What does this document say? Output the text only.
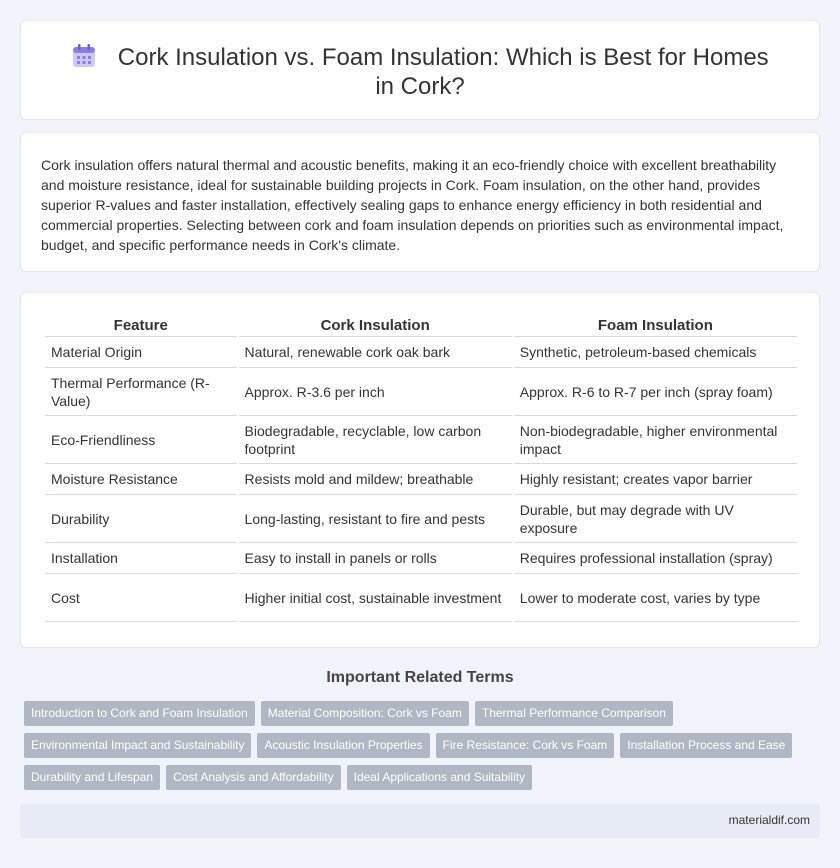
Cork Insulation vs. Foam Insulation: Which is Best for Homes in Cork?

Cork insulation offers natural thermal and acoustic benefits, making it an eco-friendly choice with excellent breathability and moisture resistance, ideal for sustainable building projects in Cork. Foam insulation, on the other hand, provides superior R-values and faster installation, effectively sealing gaps to enhance energy efficiency in both residential and commercial properties. Selecting between cork and foam insulation depends on priorities such as environmental impact, budget, and specific performance needs in Cork's climate.

Feature	Cork Insulation	Foam Insulation
Material Origin	Natural, renewable cork oak bark	Synthetic, petroleum-based chemicals
Thermal Performance (R-Value)	Approx. R-3.6 per inch	Approx. R-6 to R-7 per inch (spray foam)
Eco-Friendliness	Biodegradable, recyclable, low carbon footprint	Non-biodegradable, higher environmental impact
Moisture Resistance	Resists mold and mildew; breathable	Highly resistant; creates vapor barrier
Durability	Long-lasting, resistant to fire and pests	Durable, but may degrade with UV exposure
Installation	Easy to install in panels or rolls	Requires professional installation (spray)
Cost	Higher initial cost, sustainable investment	Lower to moderate cost, varies by type
Important Related Terms
Introduction to Cork and Foam Insulation Material Composition: Cork vs Foam Thermal Performance Comparison
Environmental Impact and Sustainability Acoustic Insulation Properties Fire Resistance: Cork vs Foam Installation Process and Ease
Durability and Lifespan Cost Analysis and Affordability Ideal Applications and Suitability
materialdif.com
